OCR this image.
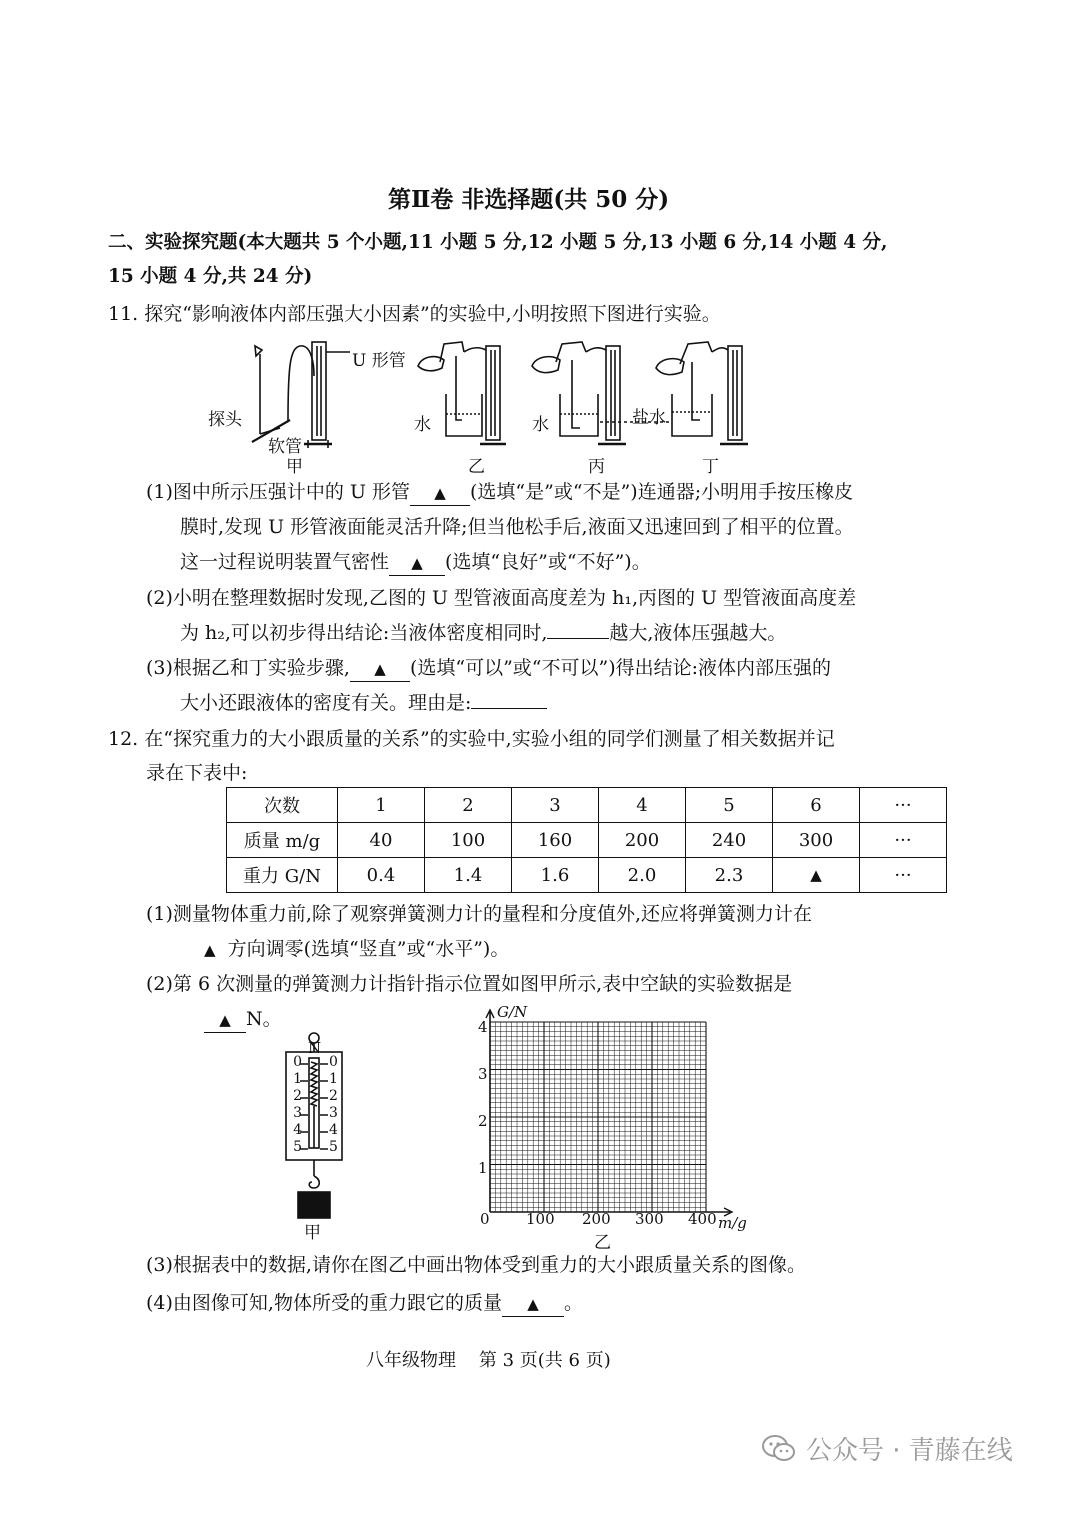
第Ⅱ卷 非选择题(共 50 分)
二、实验探究题(本大题共 5 个小题,11 小题 5 分,12 小题 5 分,13 小题 6 分,14 小题 4 分,
15 小题 4 分,共 24 分)
11. 探究“影响液体内部压强大小因素”的实验中,小明按照下图进行实验。
U 形管
探头
软管
水	水	盐水
甲	乙	丙	丁
(1)图中所示压强计中的 U 形管 ▲ (选填“是”或“不是”)连通器;小明用手按压橡皮
膜时,发现 U 形管液面能灵活升降;但当他松手后,液面又迅速回到了相平的位置。
这一过程说明装置气密性 ▲ (选填“良好”或“不好”)。
(2)小明在整理数据时发现,乙图的 U 型管液面高度差为 h₁,丙图的 U 型管液面高度差
为 h₂,可以初步得出结论:当液体密度相同时,	越大,液体压强越大。
(3)根据乙和丁实验步骤, ▲ (选填“可以”或“不可以”)得出结论:液体内部压强的
大小还跟液体的密度有关。理由是:
12. 在“探究重力的大小跟质量的关系”的实验中,实验小组的同学们测量了相关数据并记
录在下表中:
次数	1	2	3	4	5	6	···
质量 m/g	40	100	160	200	240	300	···
重力 G/N	0.4	1.4	1.6	2.0	2.3	▲	···
(1)测量物体重力前,除了观察弹簧测力计的量程和分度值外,还应将弹簧测力计在
▲ 方向调零(选填“竖直”或“水平”)。
(2)第 6 次测量的弹簧测力计指针指示位置如图甲所示,表中空缺的实验数据是
▲ N。
N
0
1
2
3
4
5
0
1
2
3
4
5
甲
G/N
m/g
4
3
2
1
0 100 200 300 400
乙
(3)根据表中的数据,请你在图乙中画出物体受到重力的大小跟质量关系的图像。
(4)由图像可知,物体所受的重力跟它的质量 ▲ 。
八年级物理    第 3 页(共 6 页)
公众号 · 青藤在线
